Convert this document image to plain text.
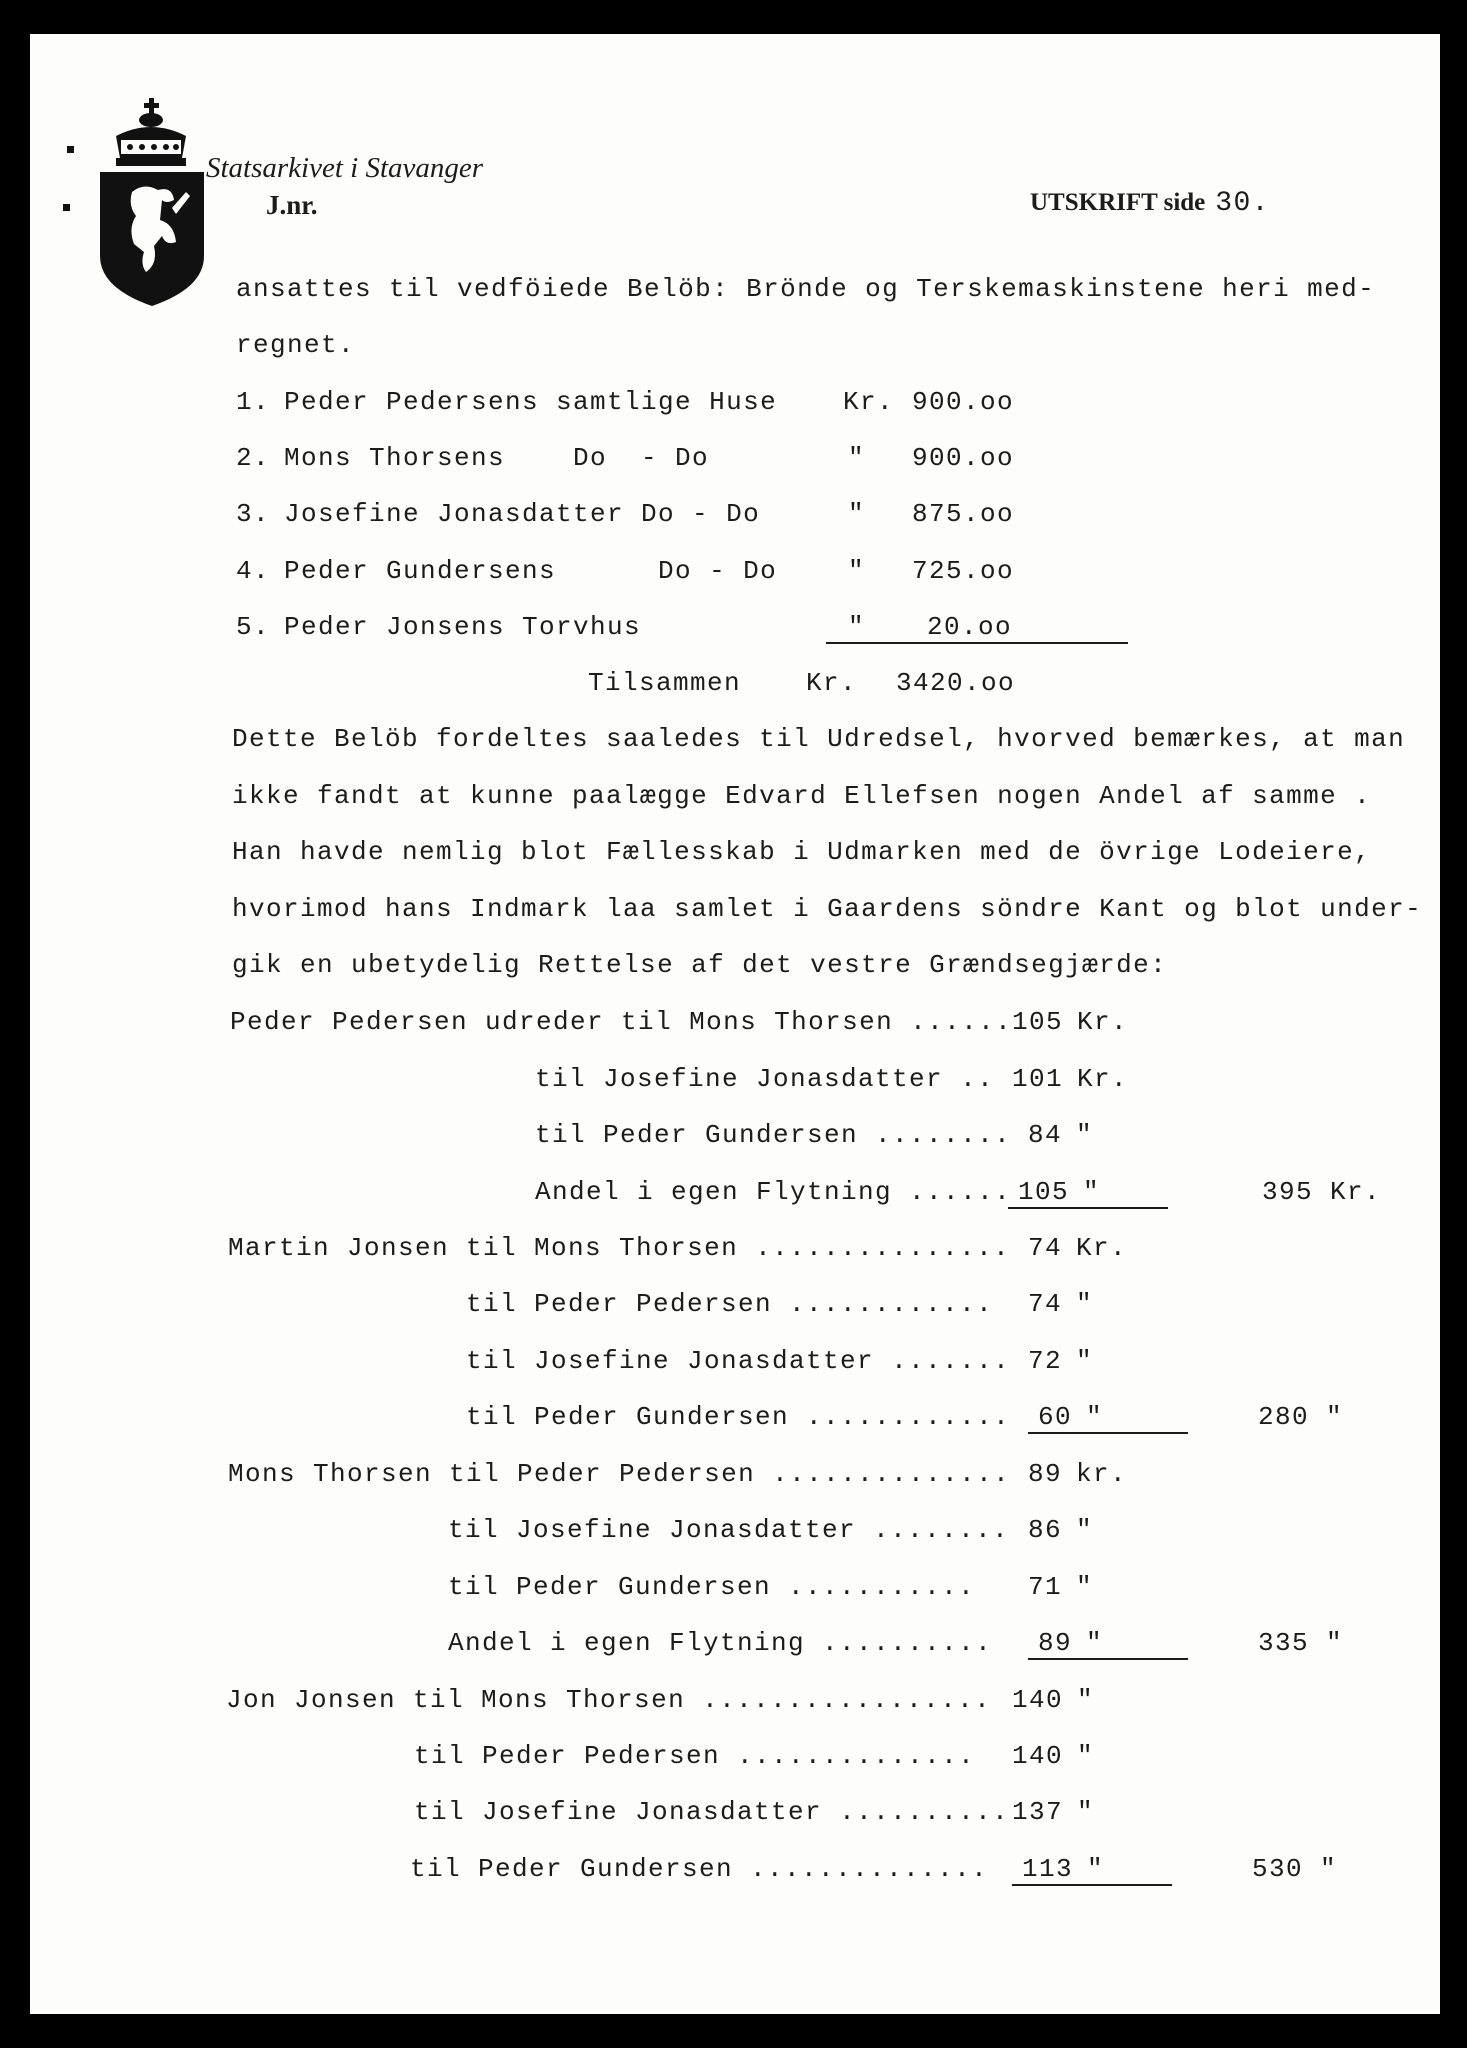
Statsarkivet i Stavanger
J.nr.	UTSKRIFT side 30.
ansattes til vedföiede Belöb: Brönde og Terskemaskinstene heri med-
regnet.
1. Peder Pedersens samtlige Huse	Kr. 900.oo
2. Mons Thorsens    Do  - Do	" 900.oo
3. Josefine Jonasdatter Do - Do	" 875.oo
4. Peder Gundersens      Do - Do	" 725.oo
5. Peder Jonsens Torvhus	" 20.oo
Tilsammen Kr. 3420.oo
Dette Belöb fordeltes saaledes til Udredsel, hvorved bemærkes, at man
ikke fandt at kunne paalægge Edvard Ellefsen nogen Andel af samme .
Han havde nemlig blot Fællesskab i Udmarken med de övrige Lodeiere,
hvorimod hans Indmark laa samlet i Gaardens söndre Kant og blot under-
gik en ubetydelig Rettelse af det vestre Grændsegjærde:
Peder Pedersen udreder til Mons Thorsen ...... 105 Kr.
til Josefine Jonasdatter .. 101 Kr.
til Peder Gundersen ........ 84 "
Andel i egen Flytning ...... 105 "	395 Kr.
Martin Jonsen til Mons Thorsen ............... 74 Kr.
til Peder Pedersen ............ 74 "
til Josefine Jonasdatter ....... 72 "
til Peder Gundersen ............	60 "	280 "
Mons Thorsen til Peder Pedersen .............. 89 kr.
til Josefine Jonasdatter ........ 86 "
til Peder Gundersen ........... 71 "
Andel i egen Flytning ..........	89 "	335 "
Jon Jonsen til Mons Thorsen ................. 140 "
til Peder Pedersen .............. 140 "
til Josefine Jonasdatter .......... 137 "
til Peder Gundersen ..............	113 "	530 "
